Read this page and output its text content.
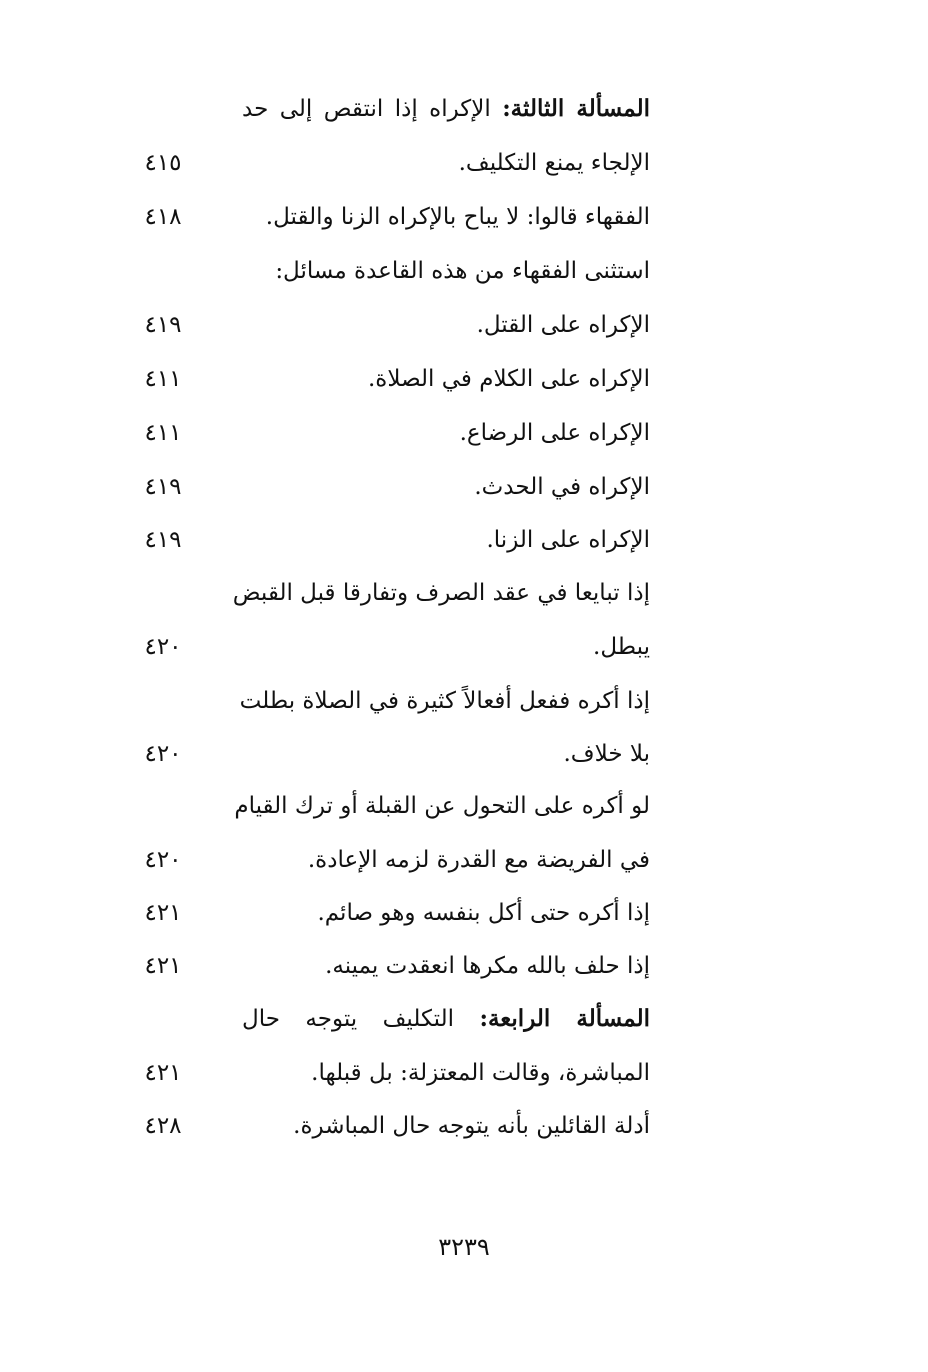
المسألة الثالثة: الإكراه إذا انتقص إلى حد
الإلجاء يمنع التكليف.
٤١٥
الفقهاء قالوا: لا يباح بالإكراه الزنا والقتل.
٤١٨
استثنى الفقهاء من هذه القاعدة مسائل:
الإكراه على القتل.
٤١٩
الإكراه على الكلام في الصلاة.
٤١١
الإكراه على الرضاع.
٤١١
الإكراه في الحدث.
٤١٩
الإكراه على الزنا.
٤١٩
إذا تبايعا في عقد الصرف وتفارقا قبل القبض
يبطل.
٤٢٠
إذا أكره ففعل أفعالاً كثيرة في الصلاة بطلت
بلا خلاف.
٤٢٠
لو أكره على التحول عن القبلة أو ترك القيام
في الفريضة مع القدرة لزمه الإعادة.
٤٢٠
إذا أكره حتى أكل بنفسه وهو صائم.
٤٢١
إذا حلف بالله مكرها انعقدت يمينه.
٤٢١
المسألة الرابعة: التكليف يتوجه حال
المباشرة، وقالت المعتزلة: بل قبلها.
٤٢١
أدلة القائلين بأنه يتوجه حال المباشرة.
٤٢٨
٣٢٣٩
